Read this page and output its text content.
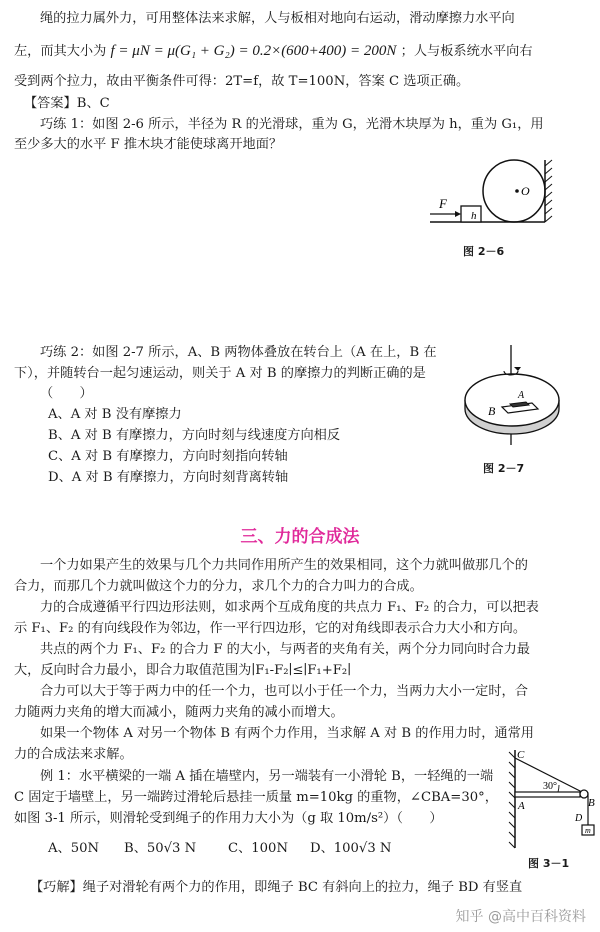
绳的拉力属外力，可用整体法来求解，人与板相对地向右运动，滑动摩擦力水平向
左，而其大小为 f = μN = μ(G₁ + G₂) = 0.2×(600+400) = 200N ；人与板系统水平向右
受到两个拉力，故由平衡条件可得：2T=f，故 T=100N，答案 C 选项正确。
【答案】B、C
巧练 1：如图 2-6 所示，半径为 R 的光滑球，重为 G，光滑木块厚为 h，重为 G₁，用
至少多大的水平 F 推木块才能使球离开地面？
O
h
F
图 2－6
巧练 2：如图 2-7 所示，A、B 两物体叠放在转台上（A 在上，B 在
下），并随转台一起匀速运动，则关于 A 对 B 的摩擦力的判断正确的是
（　　）
A、A 对 B 没有摩擦力
B、A 对 B 有摩擦力，方向时刻与线速度方向相反
C、A 对 B 有摩擦力，方向时刻指向转轴
D、A 对 B 有摩擦力，方向时刻背离转轴
A
B
图 2－7
三、力的合成法
一个力如果产生的效果与几个力共同作用所产生的效果相同，这个力就叫做那几个的
合力，而那几个力就叫做这个力的分力，求几个力的合力叫力的合成。
力的合成遵循平行四边形法则，如求两个互成角度的共点力 F₁、F₂ 的合力，可以把表
示 F₁、F₂ 的有向线段作为邻边，作一平行四边形，它的对角线即表示合力大小和方向。
共点的两个力 F₁、F₂ 的合力 F 的大小，与两者的夹角有关，两个分力同向时合力最
大，反向时合力最小，即合力取值范围为∣F₁-F₂∣≤∣F₁+F₂∣
合力可以大于等于两力中的任一个力，也可以小于任一个力，当两力大小一定时，合
力随两力夹角的增大而减小，随两力夹角的减小而增大。
如果一个物体 A 对另一个物体 B 有两个力作用，当求解 A 对 B 的作用力时，通常用
力的合成法来求解。
例 1：水平横梁的一端 A 插在墙壁内，另一端装有一小滑轮 B，一轻绳的一端
C 固定于墙壁上，另一端跨过滑轮后悬挂一质量 m=10kg 的重物，∠CBA=30°，
如图 3-1 所示，则滑轮受到绳子的作用力大小为（g 取 10m/s²）（　　）
A、50N B、50√3 N C、100N D、100√3 N
C
A	B
D
m
30°
图 3－1
【巧解】绳子对滑轮有两个力的作用，即绳子 BC 有斜向上的拉力，绳子 BD 有竖直
知乎 @高中百科资料
